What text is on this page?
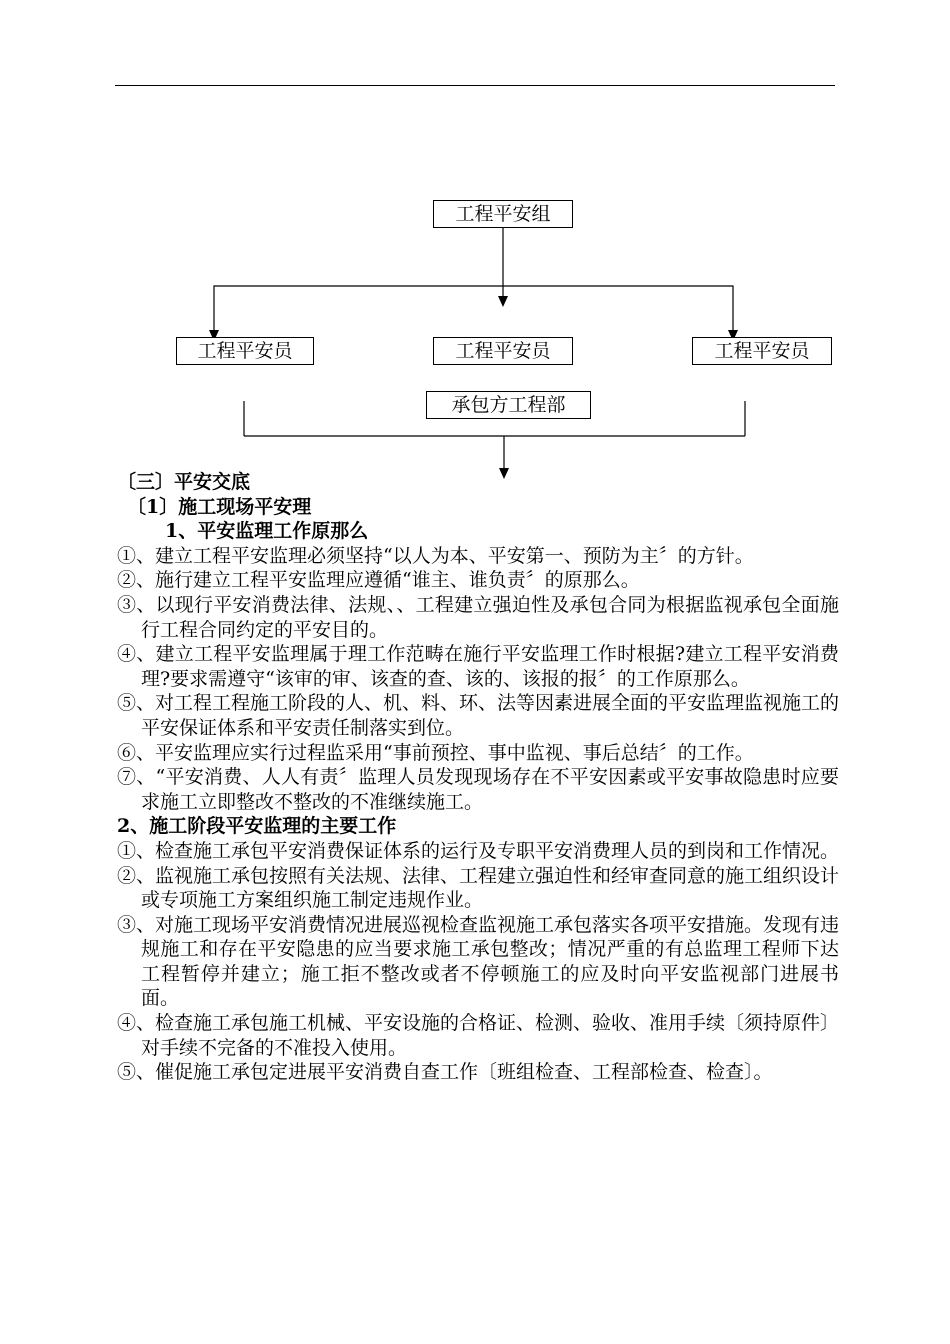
工程平安组
工程平安员	工程平安员	工程平安员
承包方工程部

〔三〕平安交底

〔1〕施工现场平安理

1、平安监理工作原那么

①、建立工程平安监理必须坚持“以人为本、平安第一、预防为主〞的方针。

②、施行建立工程平安监理应遵循“谁主、谁负责〞的原那么。

③、以现行平安消费法律、法规、、工程建立强迫性及承包合同为根据监视承包全面施行工程合同约定的平安目的。

④、建立工程平安监理属于理工作范畴在施行平安监理工作时根据?建立工程平安消费理?要求需遵守“该审的审、该查的查、该的、该报的报〞的工作原那么。

⑤、对工程工程施工阶段的人、机、料、环、法等因素进展全面的平安监理监视施工的平安保证体系和平安责任制落实到位。

⑥、平安监理应实行过程监采用“事前预控、事中监视、事后总结〞的工作。

⑦、“平安消费、人人有责〞监理人员发现现场存在不平安因素或平安事故隐患时应要求施工立即整改不整改的不准继续施工。

2、施工阶段平安监理的主要工作

①、检查施工承包平安消费保证体系的运行及专职平安消费理人员的到岗和工作情况。

②、监视施工承包按照有关法规、法律、工程建立强迫性和经审查同意的施工组织设计或专项施工方案组织施工制定违规作业。

③、对施工现场平安消费情况进展巡视检查监视施工承包落实各项平安措施。发现有违规施工和存在平安隐患的应当要求施工承包整改；情况严重的有总监理工程师下达工程暂停并建立；施工拒不整改或者不停顿施工的应及时向平安监视部门进展书面。

④、检查施工承包施工机械、平安设施的合格证、检测、验收、准用手续〔须持原件〕对手续不完备的不准投入使用。

⑤、催促施工承包定进展平安消费自查工作〔班组检查、工程部检查、检查〕。
